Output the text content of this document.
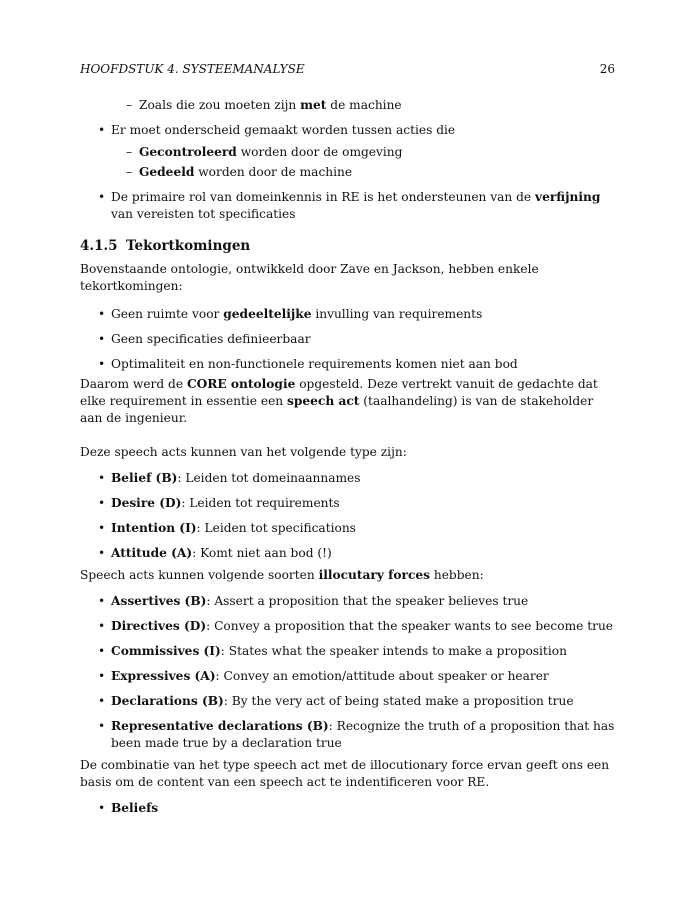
HOOFDSTUK 4. SYSTEEMANALYSE	26
– Zoals die zou moeten zijn met de machine
• Er moet onderscheid gemaakt worden tussen acties die
– Gecontroleerd worden door de omgeving
– Gedeeld worden door de machine
• De primaire rol van domeinkennis in RE is het ondersteunen van de verfijning van vereisten tot specificaties
4.1.5 Tekortkomingen

Bovenstaande ontologie, ontwikkeld door Zave en Jackson, hebben enkele tekortkomingen:

• Geen ruimte voor gedeeltelijke invulling van requirements
• Geen specificaties definieerbaar
• Optimaliteit en non-functionele requirements komen niet aan bod

Daarom werd de CORE ontologie opgesteld. Deze vertrekt vanuit de gedachte dat elke requirement in essentie een speech act (taalhandeling) is van de stakeholder aan de ingenieur.

Deze speech acts kunnen van het volgende type zijn:

• Belief (B): Leiden tot domeinaannames
• Desire (D): Leiden tot requirements
• Intention (I): Leiden tot specifications
• Attitude (A): Komt niet aan bod (!)

Speech acts kunnen volgende soorten illocutary forces hebben:

• Assertives (B): Assert a proposition that the speaker believes true
• Directives (D): Convey a proposition that the speaker wants to see become true
• Commissives (I): States what the speaker intends to make a proposition
• Expressives (A): Convey an emotion/attitude about speaker or hearer
• Declarations (B): By the very act of being stated make a proposition true
• Representative declarations (B): Recognize the truth of a proposition that has been made true by a declaration true

De combinatie van het type speech act met de illocutionary force ervan geeft ons een basis om de content van een speech act te indentificeren voor RE.

• Beliefs
